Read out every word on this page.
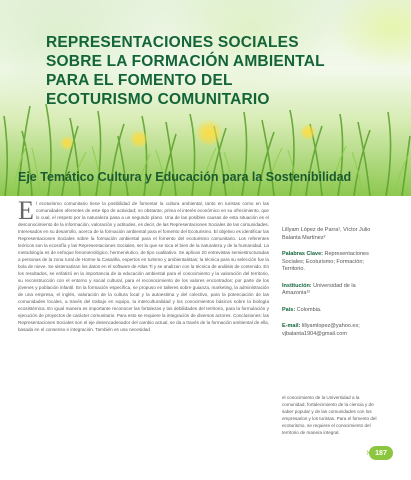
REPRESENTACIONES SOCIALES
SOBRE LA FORMACIÓN AMBIENTAL
PARA EL FOMENTO DEL
ECOTURISMO COMUNITARIO
Eje Temático Cultura y Educación para la Sostenibilidad
El ecoturismo comunitario tiene la posibilidad de fomentar la cultura ambiental, tanto en turistas como en las comunidades oferentes de este tipo de actividad; no obstante, prima el interés económico en su ofrecimiento, que lo cual, el respeto por la naturaleza pasa a un segundo plano. Una de las posibles causas de esta situación es el desconocimiento de la información, valoración y actitudes, es decir, de las Representaciones Sociales de las comunidades. Interesados en su desarrollo, acerca de la formación ambiental para el fomento del Ecoturismo. El objetivo es identificar las Representaciones Sociales sobre la formación ambiental para el fomento del ecoturismo comunitario. Los referentes teóricos son la ecosofía y las Representaciones Sociales, ser la que se toca el bien de la naturaleza y de la humanidad. La metodología es de enfoque fenomenológico, hermenéutico, de tipo cualitativo. Se aplican 20 entrevistas semiestructuradas a personas de la zona rural de Horme la Casarilla, expertos en turismo y ambientalistas; la técnica para su selección fue la bola de nieve. Se sistematizan los datos en el software de Atlas Ti y se analizan con la técnica de análisis de contenido. En los resultados, se enfatizó en la importancia de la educación ambiental para el conocimiento y la valoración del territorio, su reconstrucción con el entorno y social cultural, para el reconocimiento de los valores encontrados; por parte de los jóvenes y población infantil. En la formación específica, se propuso en talleres sobre guianza, marketing, la administración de una empresa, el inglés, valoración de la cultura local y la autoestima y del colectivo, para la potenciación de las comunidades locales, a través del trabajo en equipo, la interculturalidad y los conocimientos básicos sobre la biología ecosistémica. En igual manera es importante reconocer las fortalezas y las debilidades del territorio, para la formulación y ejecución de proyectos de carácter comunitario. Para esto se requiere la integración de diversos actores. Conclusiones: las Representaciones Sociales son el eje desencadenador del cambio actual, se da a través de la formación ambiental de ella, basada en el consenso e integración. También es una necesidad
Lillyam López de Parra¹, Víctor Julio Balanta Martínez²
Palabras Clave: Representaciones Sociales; Ecoturismo; Formación; Territorio.
Institución: Universidad de la Amazonia¹²
País: Colombia.
E-mail: lillyamlopez@yahoo.es; vjbalanta1904@gmail.com
el conocimiento de la Universidad a la comunidad, fortalecimiento de la ciencia y de saber popular y de las comunidades con los empresarios y los turistas. Para el fomento del ecoturismo, se requiere el conocimiento del territorio de manera integral.
› 187
